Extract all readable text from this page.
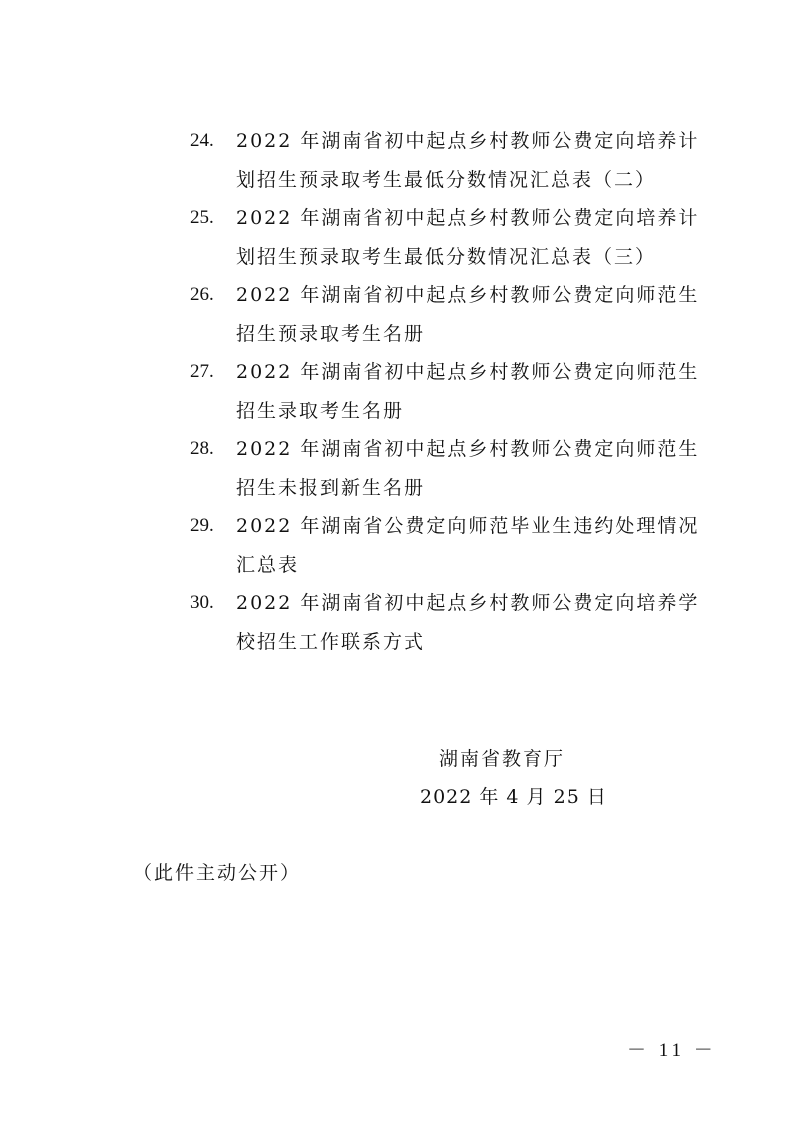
24.	2022 年湖南省初中起点乡村教师公费定向培养计
划招生预录取考生最低分数情况汇总表（二）
25.	2022 年湖南省初中起点乡村教师公费定向培养计
划招生预录取考生最低分数情况汇总表（三）
26.	2022 年湖南省初中起点乡村教师公费定向师范生
招生预录取考生名册
27.	2022 年湖南省初中起点乡村教师公费定向师范生
招生录取考生名册
28.	2022 年湖南省初中起点乡村教师公费定向师范生
招生未报到新生名册
29.	2022 年湖南省公费定向师范毕业生违约处理情况
汇总表
30.	2022 年湖南省初中起点乡村教师公费定向培养学
校招生工作联系方式
湖南省教育厅
2022 年 4 月 25 日
（此件主动公开）
－ 11 －
